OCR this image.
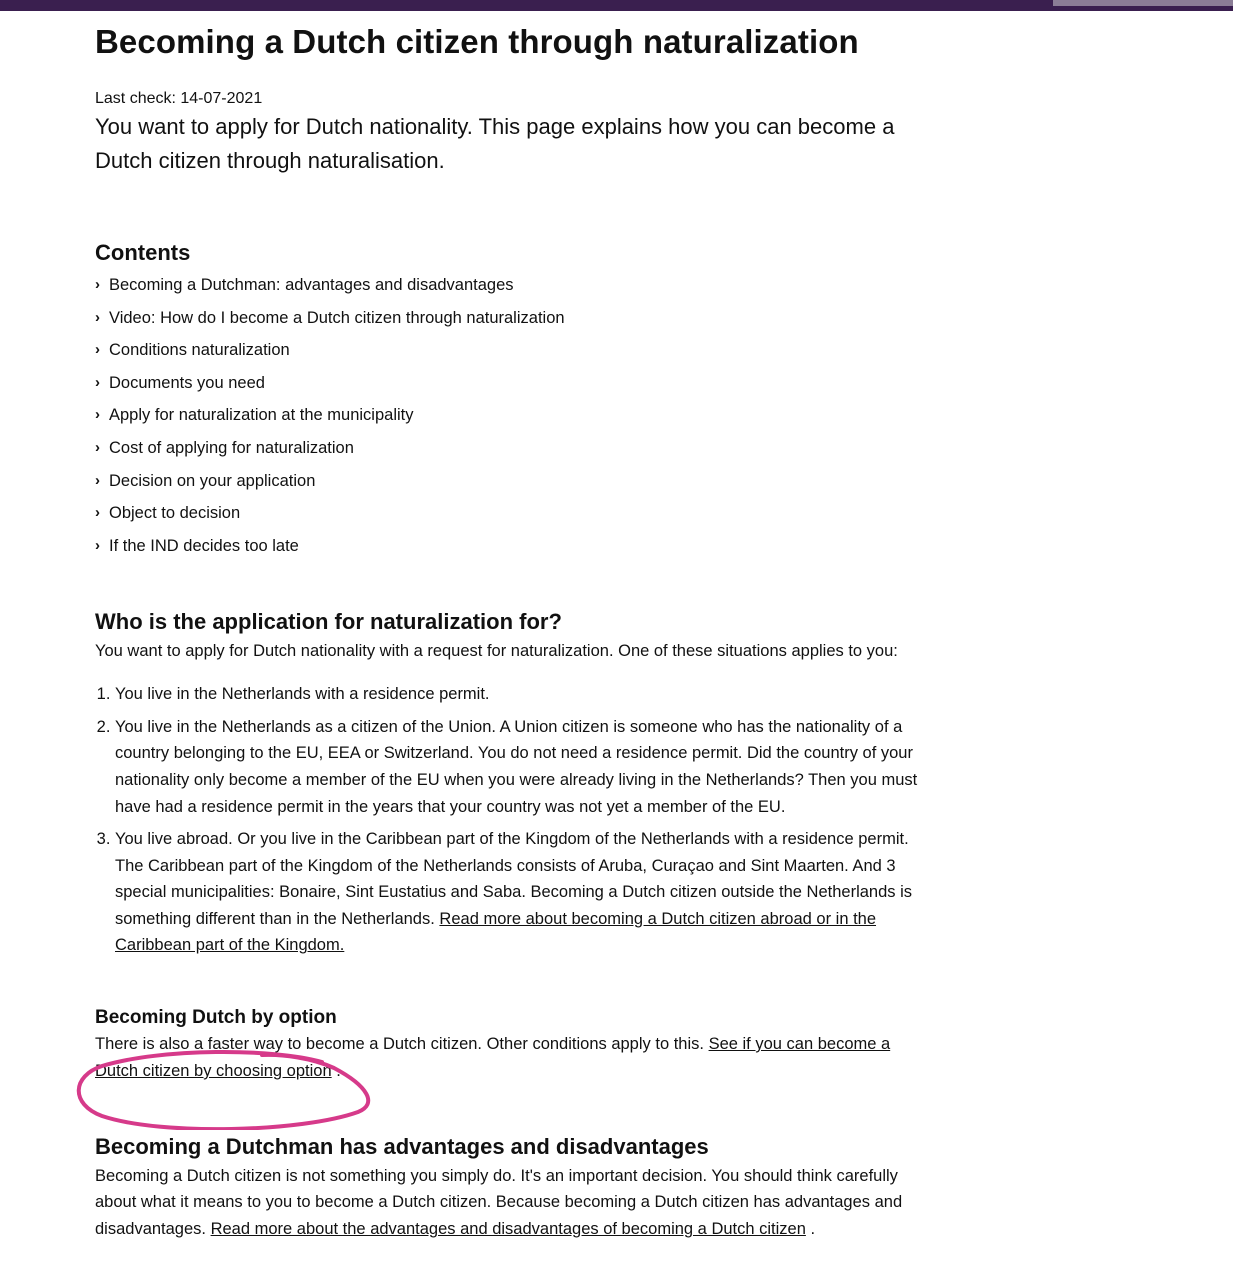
Becoming a Dutch citizen through naturalization
Last check: 14-07-2021

You want to apply for Dutch nationality. This page explains how you can become a Dutch citizen through naturalisation.

Contents
› Becoming a Dutchman: advantages and disadvantages
› Video: How do I become a Dutch citizen through naturalization
› Conditions naturalization
› Documents you need
› Apply for naturalization at the municipality
› Cost of applying for naturalization
› Decision on your application
› Object to decision
› If the IND decides too late
Who is the application for naturalization for?

You want to apply for Dutch nationality with a request for naturalization. One of these situations applies to you:

1. You live in the Netherlands with a residence permit.
2. You live in the Netherlands as a citizen of the Union. A Union citizen is someone who has the nationality of a country belonging to the EU, EEA or Switzerland. You do not need a residence permit. Did the country of your nationality only become a member of the EU when you were already living in the Netherlands? Then you must have had a residence permit in the years that your country was not yet a member of the EU.
3. You live abroad. Or you live in the Caribbean part of the Kingdom of the Netherlands with a residence permit. The Caribbean part of the Kingdom of the Netherlands consists of Aruba, Curaçao and Sint Maarten. And 3 special municipalities: Bonaire, Sint Eustatius and Saba. Becoming a Dutch citizen outside the Netherlands is something different than in the Netherlands. Read more about becoming a Dutch citizen abroad or in the Caribbean part of the Kingdom.
Becoming Dutch by option

There is also a faster way to become a Dutch citizen. Other conditions apply to this. See if you can become a Dutch citizen by choosing option .

Becoming a Dutchman has advantages and disadvantages

Becoming a Dutch citizen is not something you simply do. It's an important decision. You should think carefully about what it means to you to become a Dutch citizen. Because becoming a Dutch citizen has advantages and disadvantages. Read more about the advantages and disadvantages of becoming a Dutch citizen .
